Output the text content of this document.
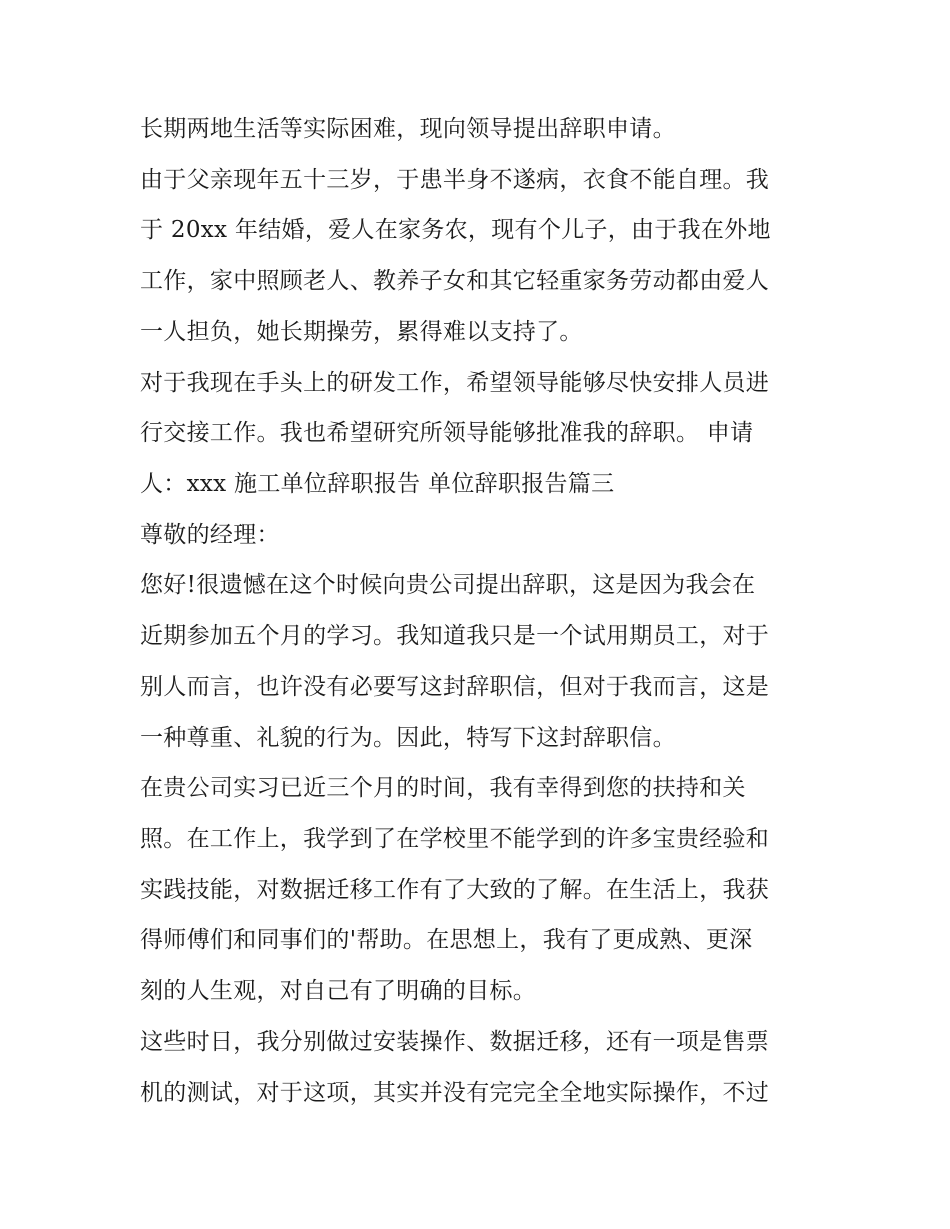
长期两地生活等实际困难，现向领导提出辞职申请。
由于父亲现年五十三岁，于患半身不遂病，衣食不能自理。我
于 20xx 年结婚，爱人在家务农，现有个儿子，由于我在外地
工作，家中照顾老人、教养子女和其它轻重家务劳动都由爱人
一人担负，她长期操劳，累得难以支持了。
对于我现在手头上的研发工作，希望领导能够尽快安排人员进
行交接工作。我也希望研究所领导能够批准我的辞职。 申请
人：xxx 施工单位辞职报告 单位辞职报告篇三
尊敬的经理：
您好!很遗憾在这个时候向贵公司提出辞职，这是因为我会在
近期参加五个月的学习。我知道我只是一个试用期员工，对于
别人而言，也许没有必要写这封辞职信，但对于我而言，这是
一种尊重、礼貌的行为。因此，特写下这封辞职信。
在贵公司实习已近三个月的时间，我有幸得到您的扶持和关
照。在工作上，我学到了在学校里不能学到的许多宝贵经验和
实践技能，对数据迁移工作有了大致的了解。在生活上，我获
得师傅们和同事们的'帮助。在思想上，我有了更成熟、更深
刻的人生观，对自己有了明确的目标。
这些时日，我分别做过安装操作、数据迁移，还有一项是售票
机的测试，对于这项，其实并没有完完全全地实际操作，不过
